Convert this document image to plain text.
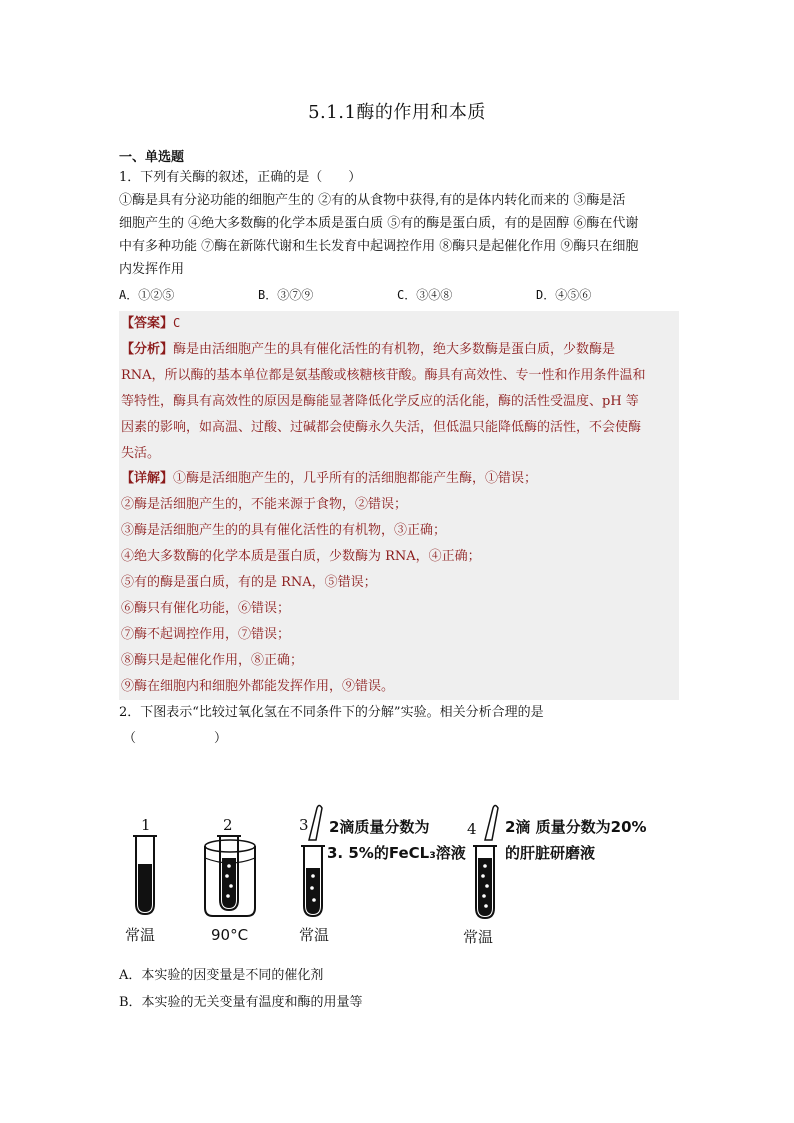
5.1.1酶的作用和本质
一、单选题
1．下列有关酶的叙述，正确的是（　　）
①酶是具有分泌功能的细胞产生的 ②有的从食物中获得,有的是体内转化而来的 ③酶是活
细胞产生的 ④绝大多数酶的化学本质是蛋白质 ⑤有的酶是蛋白质，有的是固醇 ⑥酶在代谢
中有多种功能 ⑦酶在新陈代谢和生长发育中起调控作用 ⑧酶只是起催化作用 ⑨酶只在细胞
内发挥作用
A．①②⑤	B．③⑦⑨	C．③④⑧	D．④⑤⑥
【答案】C
【分析】酶是由活细胞产生的具有催化活性的有机物，绝大多数酶是蛋白质，少数酶是
RNA，所以酶的基本单位都是氨基酸或核糖核苷酸。酶具有高效性、专一性和作用条件温和
等特性，酶具有高效性的原因是酶能显著降低化学反应的活化能，酶的活性受温度、pH 等
因素的影响，如高温、过酸、过碱都会使酶永久失活，但低温只能降低酶的活性，不会使酶
失活。
【详解】①酶是活细胞产生的，几乎所有的活细胞都能产生酶，①错误；
②酶是活细胞产生的，不能来源于食物，②错误；
③酶是活细胞产生的的具有催化活性的有机物，③正确；
④绝大多数酶的化学本质是蛋白质，少数酶为 RNA，④正确；
⑤有的酶是蛋白质，有的是 RNA，⑤错误；
⑥酶只有催化功能，⑥错误；
⑦酶不起调控作用，⑦错误；
⑧酶只是起催化作用，⑧正确；
⑨酶在细胞内和细胞外都能发挥作用，⑨错误。
2．下图表示“比较过氧化氢在不同条件下的分解”实验。相关分析合理的是
（　　　　　　）
1
常温
2
90°C
3 2滴质量分数为
3. 5%的FeCL₃溶液
常温
4 2滴 质量分数为20%
的肝脏研磨液
常温
A．本实验的因变量是不同的催化剂
B．本实验的无关变量有温度和酶的用量等
